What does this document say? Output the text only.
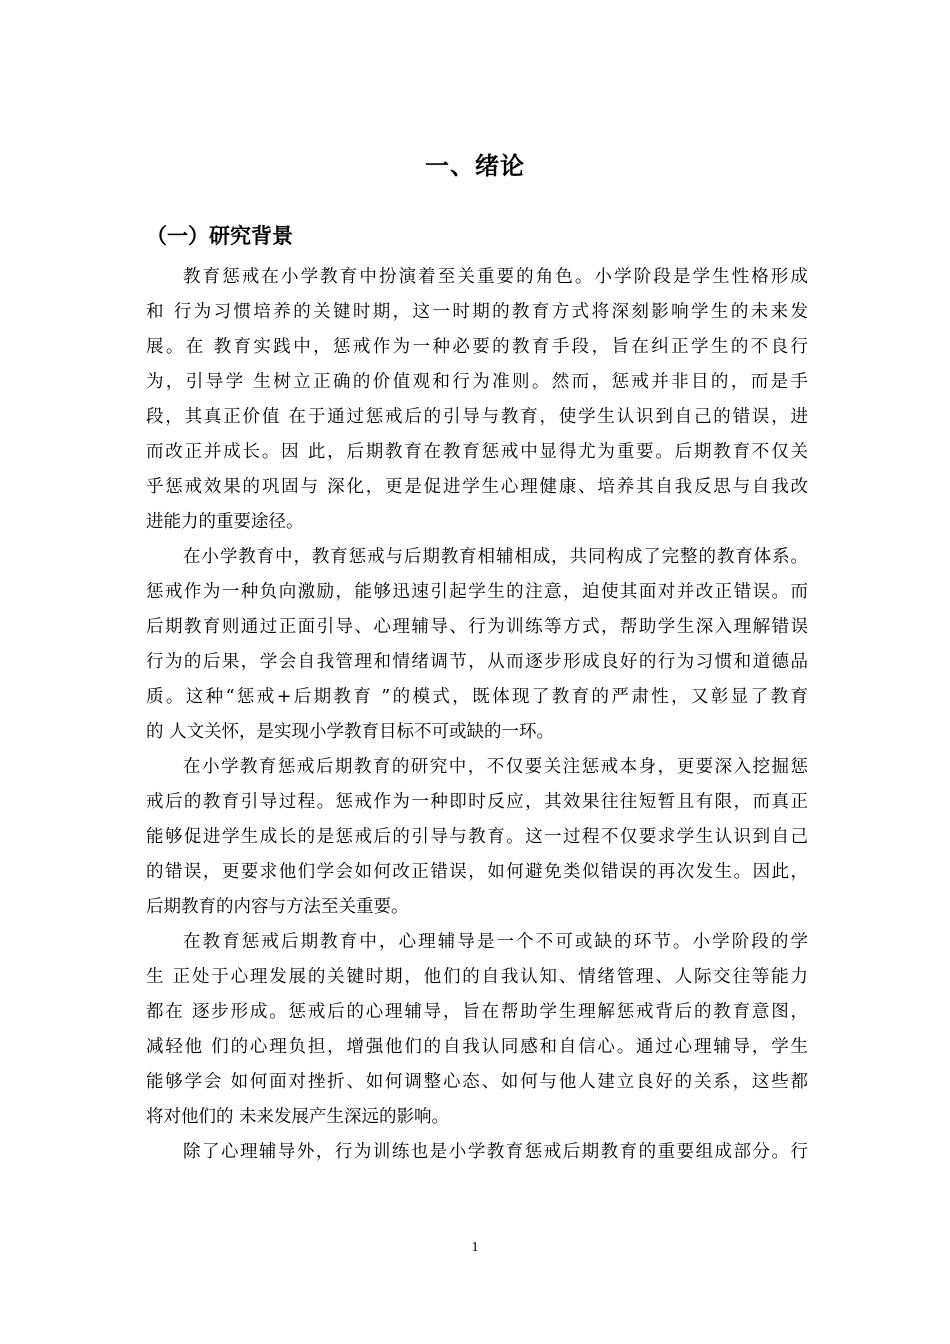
一、绪论
（一）研究背景
教育惩戒在小学教育中扮演着至关重要的角色。小学阶段是学生性格形成
和 行为习惯培养的关键时期，这一时期的教育方式将深刻影响学生的未来发
展。在 教育实践中，惩戒作为一种必要的教育手段，旨在纠正学生的不良行
为，引导学 生树立正确的价值观和行为准则。然而，惩戒并非目的，而是手
段，其真正价值 在于通过惩戒后的引导与教育，使学生认识到自己的错误，进
而改正并成长。因 此，后期教育在教育惩戒中显得尤为重要。后期教育不仅关
乎惩戒效果的巩固与 深化，更是促进学生心理健康、培养其自我反思与自我改
进能力的重要途径。
在小学教育中，教育惩戒与后期教育相辅相成，共同构成了完整的教育体系。
惩戒作为一种负向激励，能够迅速引起学生的注意，迫使其面对并改正错误。而
后期教育则通过正面引导、心理辅导、行为训练等方式，帮助学生深入理解错误
行为的后果，学会自我管理和情绪调节，从而逐步形成良好的行为习惯和道德品
质。这种“惩戒+后期教育 ”的模式，既体现了教育的严肃性，又彰显了教育
的 人文关怀，是实现小学教育目标不可或缺的一环。
在小学教育惩戒后期教育的研究中，不仅要关注惩戒本身，更要深入挖掘惩
戒后的教育引导过程。惩戒作为一种即时反应，其效果往往短暂且有限，而真正
能够促进学生成长的是惩戒后的引导与教育。这一过程不仅要求学生认识到自己
的错误，更要求他们学会如何改正错误，如何避免类似错误的再次发生。因此，
后期教育的内容与方法至关重要。
在教育惩戒后期教育中，心理辅导是一个不可或缺的环节。小学阶段的学
生 正处于心理发展的关键时期，他们的自我认知、情绪管理、人际交往等能力
都在 逐步形成。惩戒后的心理辅导，旨在帮助学生理解惩戒背后的教育意图，
减轻他 们的心理负担，增强他们的自我认同感和自信心。通过心理辅导，学生
能够学会 如何面对挫折、如何调整心态、如何与他人建立良好的关系，这些都
将对他们的 未来发展产生深远的影响。
除了心理辅导外，行为训练也是小学教育惩戒后期教育的重要组成部分。行
1
